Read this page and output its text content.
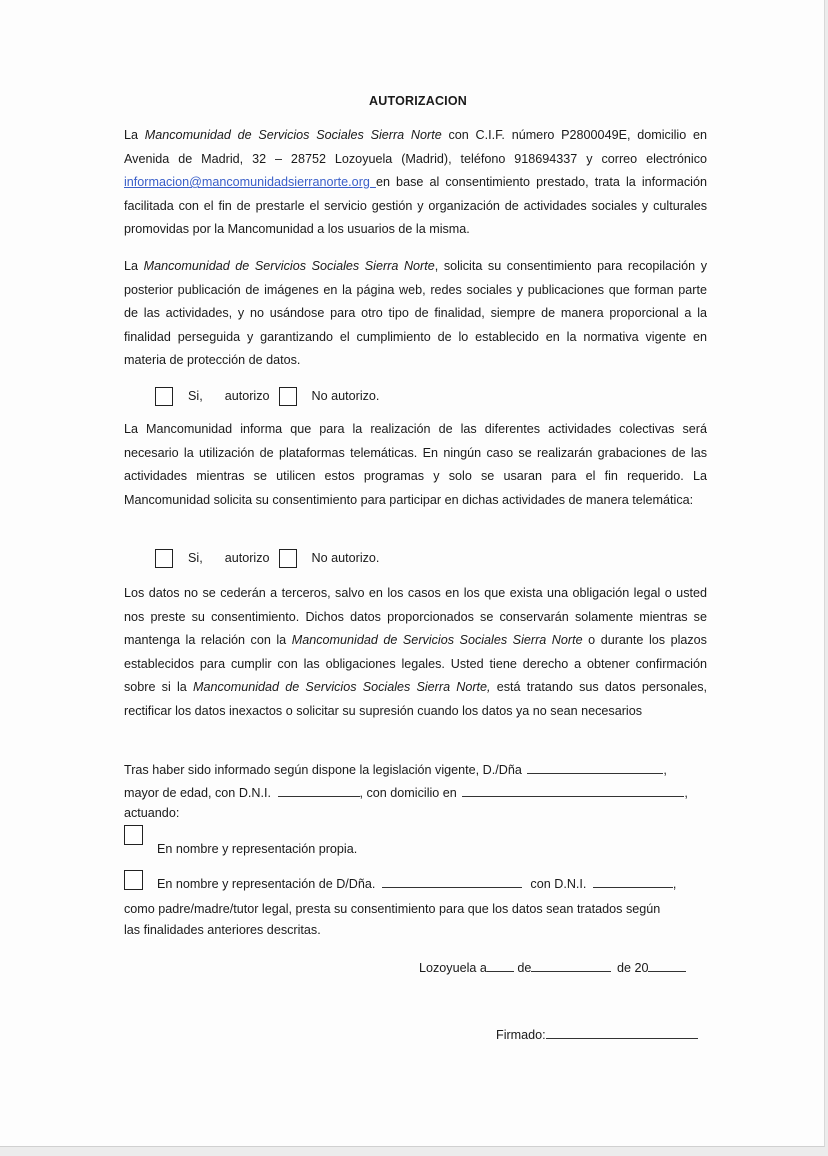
AUTORIZACION
La Mancomunidad de Servicios Sociales Sierra Norte con C.I.F. número P2800049E, domicilio en Avenida de Madrid, 32 – 28752 Lozoyuela (Madrid), teléfono 918694337 y correo electrónico informacion@mancomunidadsierranorte.org en base al consentimiento prestado, trata la información facilitada con el fin de prestarle el servicio gestión y organización de actividades sociales y culturales promovidas por la Mancomunidad a los usuarios de la misma.
La Mancomunidad de Servicios Sociales Sierra Norte, solicita su consentimiento para recopilación y posterior publicación de imágenes en la página web, redes sociales y publicaciones que forman parte de las actividades, y no usándose para otro tipo de finalidad, siempre de manera proporcional a la finalidad perseguida y garantizando el cumplimiento de lo establecido en la normativa vigente en materia de protección de datos.
Si, autorizo	No autorizo.
La Mancomunidad informa que para la realización de las diferentes actividades colectivas será necesario la utilización de plataformas telemáticas. En ningún caso se realizarán grabaciones de las actividades mientras se utilicen estos programas y solo se usaran para el fin requerido. La Mancomunidad solicita su consentimiento para participar en dichas actividades de manera telemática:
Si, autorizo	No autorizo.
Los datos no se cederán a terceros, salvo en los casos en los que exista una obligación legal o usted nos preste su consentimiento. Dichos datos proporcionados se conservarán solamente mientras se mantenga la relación con la Mancomunidad de Servicios Sociales Sierra Norte o durante los plazos establecidos para cumplir con las obligaciones legales. Usted tiene derecho a obtener confirmación sobre si la Mancomunidad de Servicios Sociales Sierra Norte, está tratando sus datos personales, rectificar los datos inexactos o solicitar su supresión cuando los datos ya no sean necesarios
Tras haber sido informado según dispone la legislación vigente, D./Dña	,
mayor de edad, con D.N.I.	, con domicilio en	,
actuando:
En nombre y representación propia.
En nombre y representación de D/Dña.	con D.N.I.	,
como padre/madre/tutor legal, presta su consentimiento para que los datos sean tratados según
las finalidades anteriores descritas.
Lozoyuela a de	de 20
Firmado:
